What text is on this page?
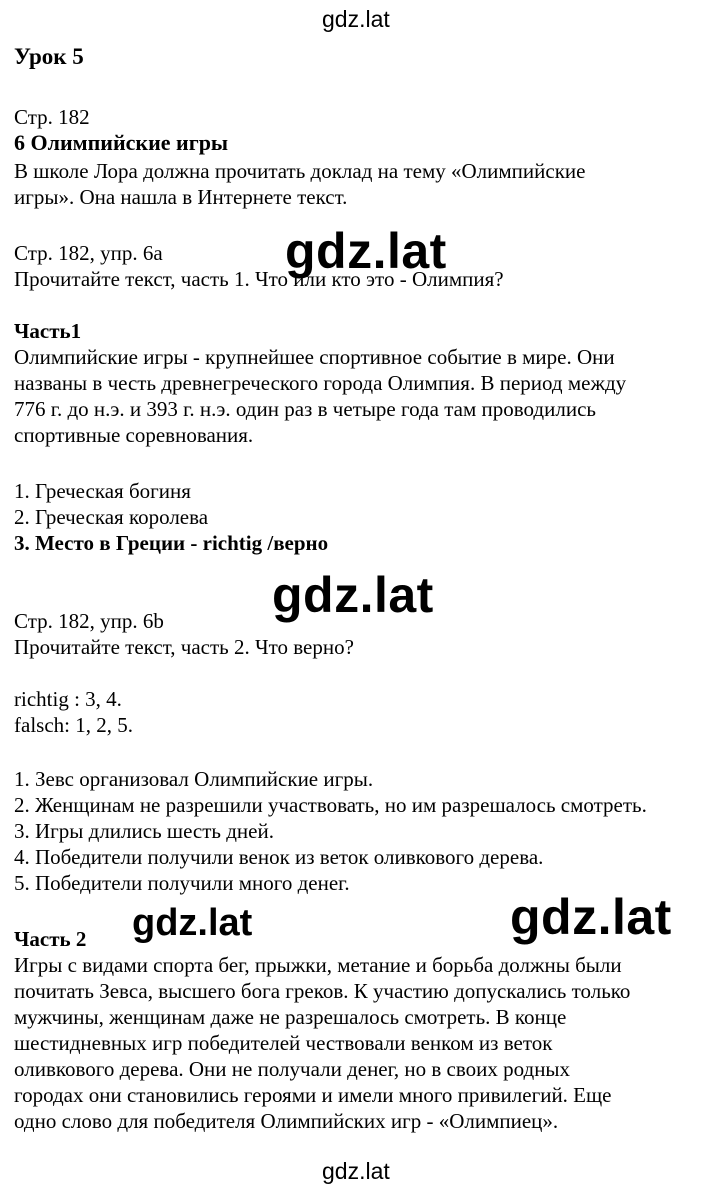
gdz.lat
gdz.lat
gdz.lat
gdz.lat	gdz.lat
gdz.lat

Урок 5

Стр. 182

6 Олимпийские игры

В школе Лора должна прочитать доклад на тему «Олимпийские

игры». Она нашла в Интернете текст.

Стр. 182, упр. 6а

Прочитайте текст, часть 1. Что или кто это - Олимпия?

Часть1

Олимпийские игры - крупнейшее спортивное событие в мире. Они

названы в честь древнегреческого города Олимпия. В период между

776 г. до н.э. и 393 г. н.э. один раз в четыре года там проводились

спортивные соревнования.

1. Греческая богиня

2. Греческая королева

3. Место в Греции - richtig /верно

Стр. 182, упр. 6b

Прочитайте текст, часть 2. Что верно?

richtig : 3, 4.

falsch: 1, 2, 5.

1. Зевс организовал Олимпийские игры.

2. Женщинам не разрешили участвовать, но им разрешалось смотреть.

3. Игры длились шесть дней.

4. Победители получили венок из веток оливкового дерева.

5. Победители получили много денег.

Часть 2

Игры с видами спорта бег, прыжки, метание и борьба должны были

почитать Зевса, высшего бога греков. К участию допускались только

мужчины, женщинам даже не разрешалось смотреть. В конце

шестидневных игр победителей чествовали венком из веток

оливкового дерева. Они не получали денег, но в своих родных

городах они становились героями и имели много привилегий. Еще

одно слово для победителя Олимпийских игр - «Олимпиец».
